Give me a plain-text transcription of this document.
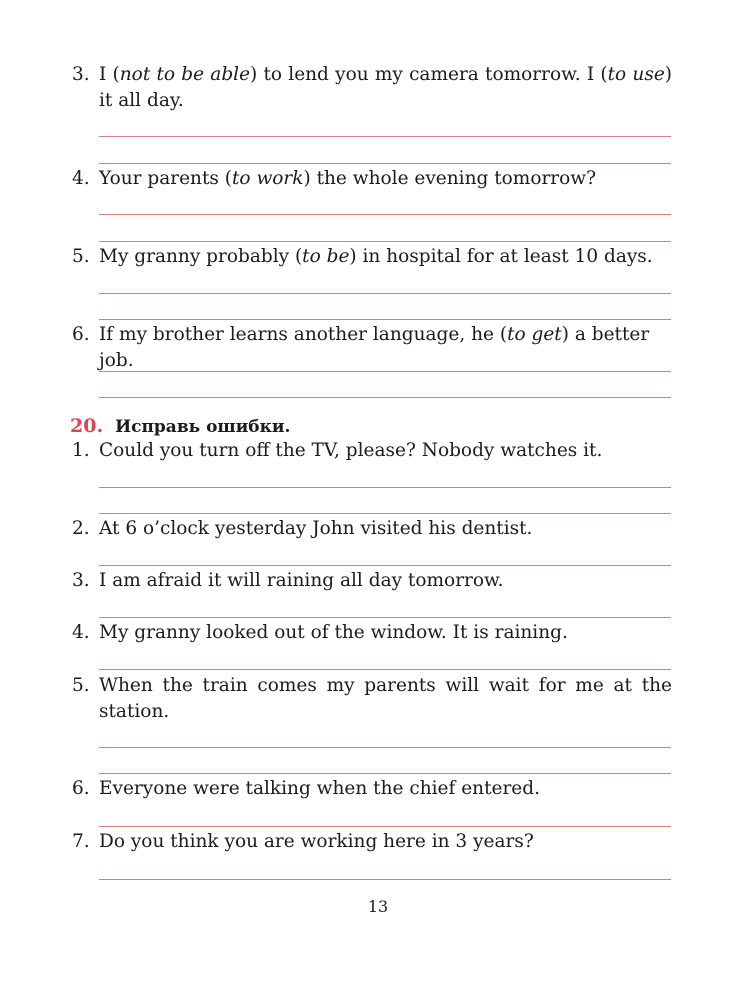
3. I (not to be able) to lend you my camera tomorrow. I (to use)
it all day.
4. Your parents (to work) the whole evening tomorrow?
5. My granny probably (to be) in hospital for at least 10 days.
6. If my brother learns another language, he (to get) a better job.
20. Исправь ошибки.
1. Could you turn off the TV, please? Nobody watches it.
2. At 6 o’clock yesterday John visited his dentist.
3. I am afraid it will raining all day tomorrow.
4. My granny looked out of the window. It is raining.
5. When the train comes my parents will wait for me at the
station.
6. Everyone were talking when the chief entered.
7. Do you think you are working here in 3 years?
13
